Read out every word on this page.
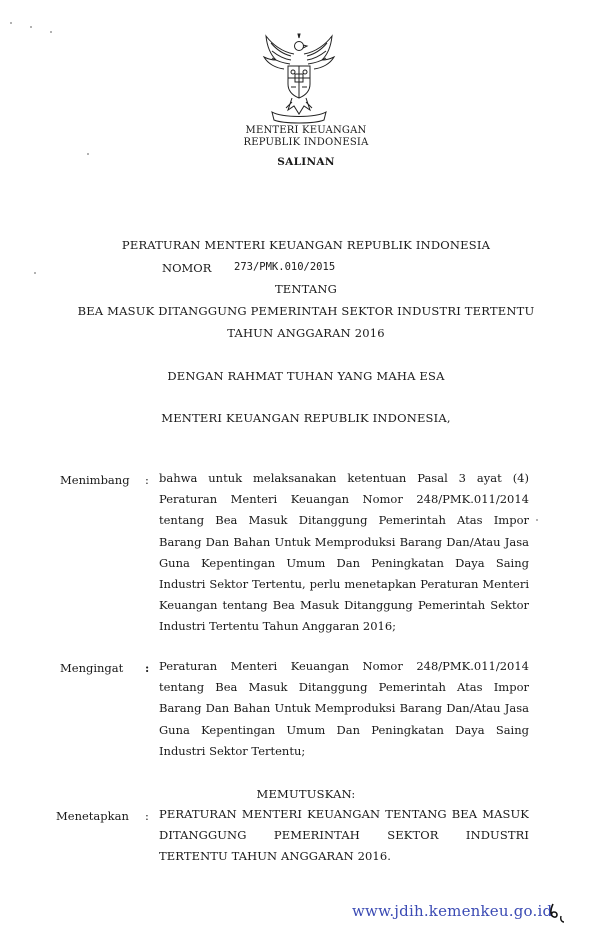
MENTERI KEUANGAN
REPUBLIK INDONESIA
SALINAN
PERATURAN MENTERI KEUANGAN REPUBLIK INDONESIA
NOMOR 273/PMK.010/2015
TENTANG
BEA MASUK DITANGGUNG PEMERINTAH SEKTOR INDUSTRI TERTENTU
TAHUN ANGGARAN 2016
DENGAN RAHMAT TUHAN YANG MAHA ESA
MENTERI KEUANGAN REPUBLIK INDONESIA,
Menimbang : bahwa untuk melaksanakan ketentuan Pasal 3 ayat (4) Peraturan Menteri Keuangan Nomor 248/PMK.011/2014 tentang Bea Masuk Ditanggung Pemerintah Atas Impor Barang Dan Bahan Untuk Memproduksi Barang Dan/Atau Jasa Guna Kepentingan Umum Dan Peningkatan Daya Saing Industri Sektor Tertentu, perlu menetapkan Peraturan Menteri Keuangan tentang Bea Masuk Ditanggung Pemerintah Sektor Industri Tertentu Tahun Anggaran 2016;

Mengingat : Peraturan Menteri Keuangan Nomor 248/PMK.011/2014 tentang Bea Masuk Ditanggung Pemerintah Atas Impor Barang Dan Bahan Untuk Memproduksi Barang Dan/Atau Jasa Guna Kepentingan Umum Dan Peningkatan Daya Saing Industri Sektor Tertentu;

MEMUTUSKAN:
Menetapkan : PERATURAN MENTERI KEUANGAN TENTANG BEA MASUK DITANGGUNG PEMERINTAH SEKTOR INDUSTRI TERTENTU TAHUN ANGGARAN 2016.

www.jdih.kemenkeu.go.id
